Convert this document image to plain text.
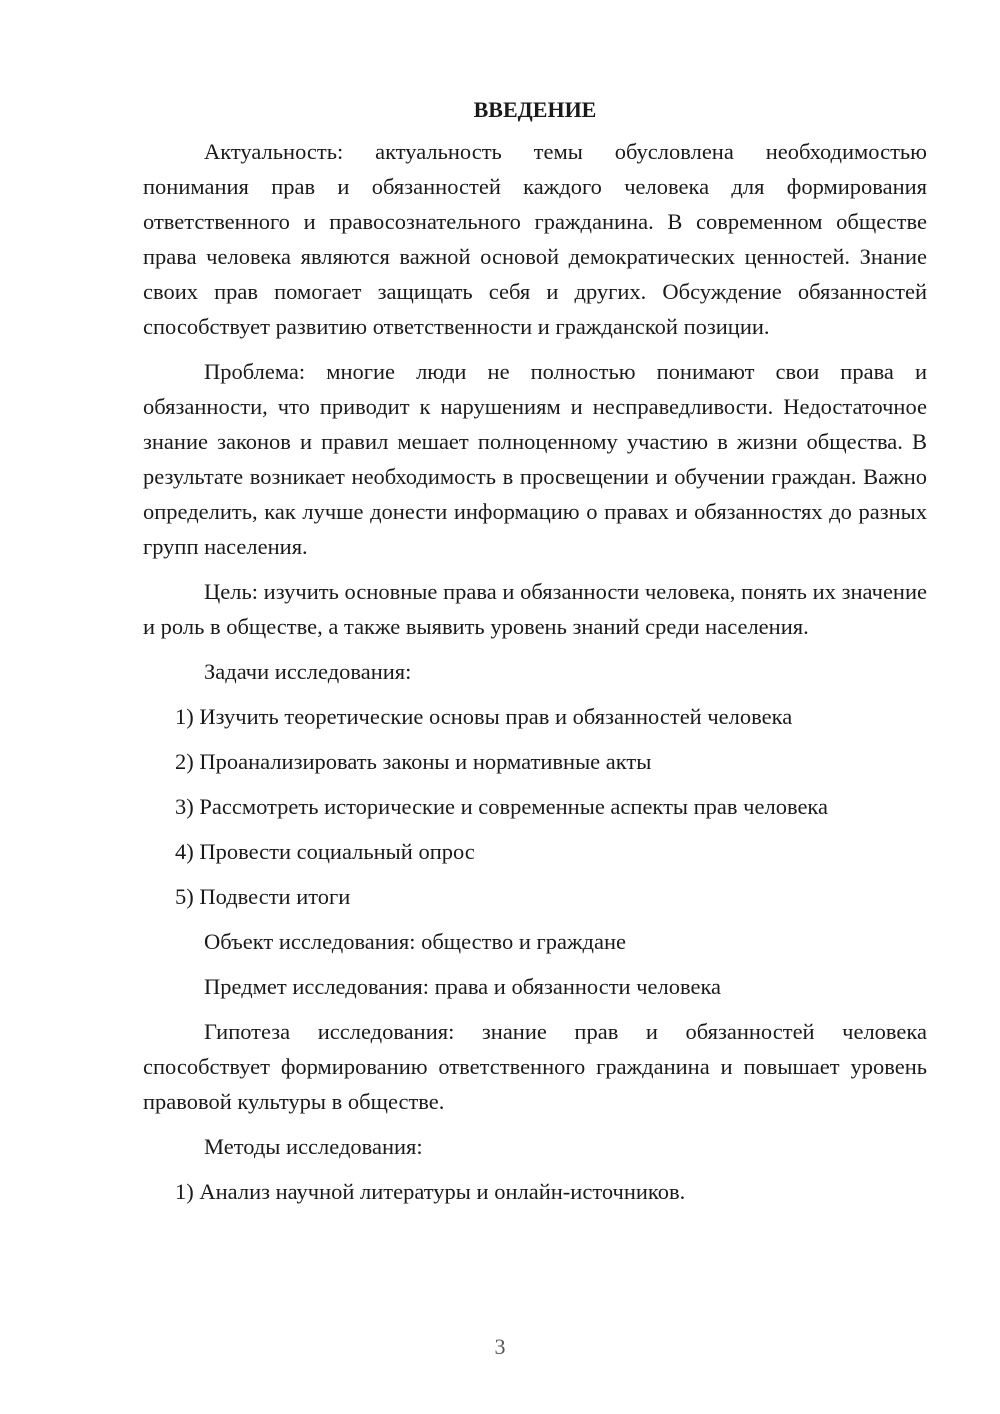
ВВЕДЕНИЕ

Актуальность: актуальность темы обусловлена необходимостью понимания прав и обязанностей каждого человека для формирования ответственного и правосознательного гражданина. В современном обществе права человека являются важной основой демократических ценностей. Знание своих прав помогает защищать себя и других. Обсуждение обязанностей способствует развитию ответственности и гражданской позиции.

Проблема: многие люди не полностью понимают свои права и обязанности, что приводит к нарушениям и несправедливости. Недостаточное знание законов и правил мешает полноценному участию в жизни общества. В результате возникает необходимость в просвещении и обучении граждан. Важно определить, как лучше донести информацию о правах и обязанностях до разных групп населения.

Цель: изучить основные права и обязанности человека, понять их значение и роль в обществе, а также выявить уровень знаний среди населения.

Задачи исследования:
1) Изучить теоретические основы прав и обязанностей человека
2) Проанализировать законы и нормативные акты
3) Рассмотреть исторические и современные аспекты прав человека
4) Провести социальный опрос
5) Подвести итоги
Объект исследования: общество и граждане
Предмет исследования: права и обязанности человека

Гипотеза исследования: знание прав и обязанностей человека способствует формированию ответственного гражданина и повышает уровень правовой культуры в обществе.

Методы исследования:
1) Анализ научной литературы и онлайн-источников.
3
